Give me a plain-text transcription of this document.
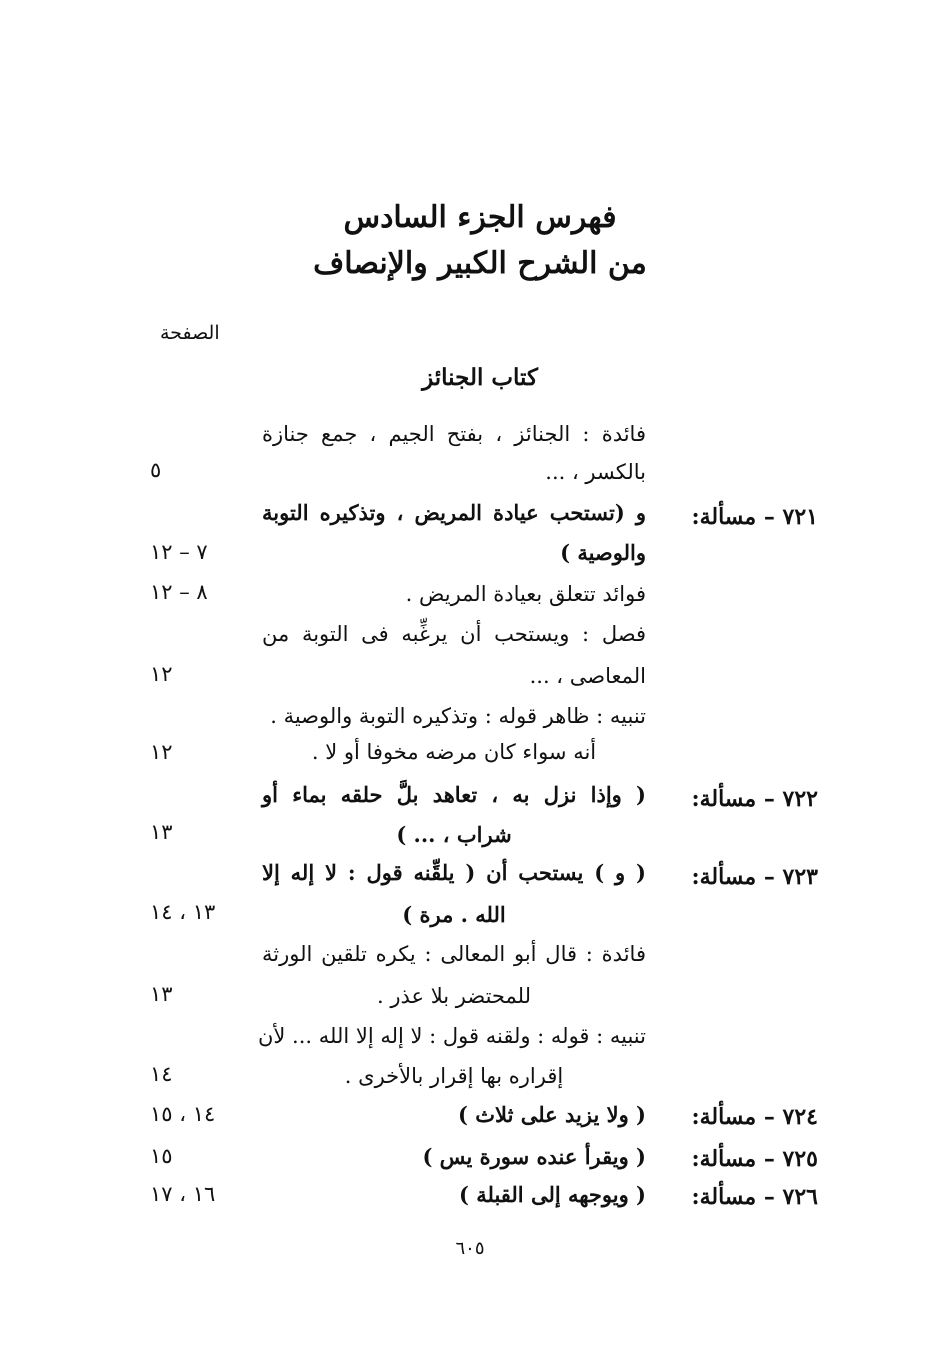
فهرس الجزء السادس
من الشرح الكبير والإنصاف
الصفحة
كتاب الجنائز
فائدة : الجنائز ، بفتح الجيم ، جمع جنازة
بالكسر ، ...
٥
٧٢١ – مسألة:
و (تستحب عيادة المريض ، وتذكيره التوبة
والوصية )
٧ – ١٢
فوائد تتعلق بعيادة المريض .
٨ – ١٢
فصل : ويستحب أن يرغِّبه فى التوبة من
المعاصى ، ...
١٢
تنبيه : ظاهر قوله : وتذكيره التوبة والوصية .
أنه سواء كان مرضه مخوفا أو لا .
١٢
٧٢٢ – مسألة:
( وإذا نزل به ، تعاهد بلَّ حلقه بماء أو
شراب ، ... )
١٣
٧٢٣ – مسألة:
( و ) يستحب أن ( يلقِّنه قول : لا إله إلا
الله . مرة )
١٣ ، ١٤
فائدة : قال أبو المعالى : يكره تلقين الورثة
للمحتضر بلا عذر .
١٣
تنبيه : قوله : ولقنه قول : لا إله إلا الله ... لأن
إقراره بها إقرار بالأخرى .
١٤
٧٢٤ – مسألة:
( ولا يزيد على ثلاث )
١٤ ، ١٥
٧٢٥ – مسألة:
( ويقرأ عنده سورة يس )
١٥
٧٢٦ – مسألة:
( ويوجهه إلى القبلة )
١٦ ، ١٧
٦٠٥
